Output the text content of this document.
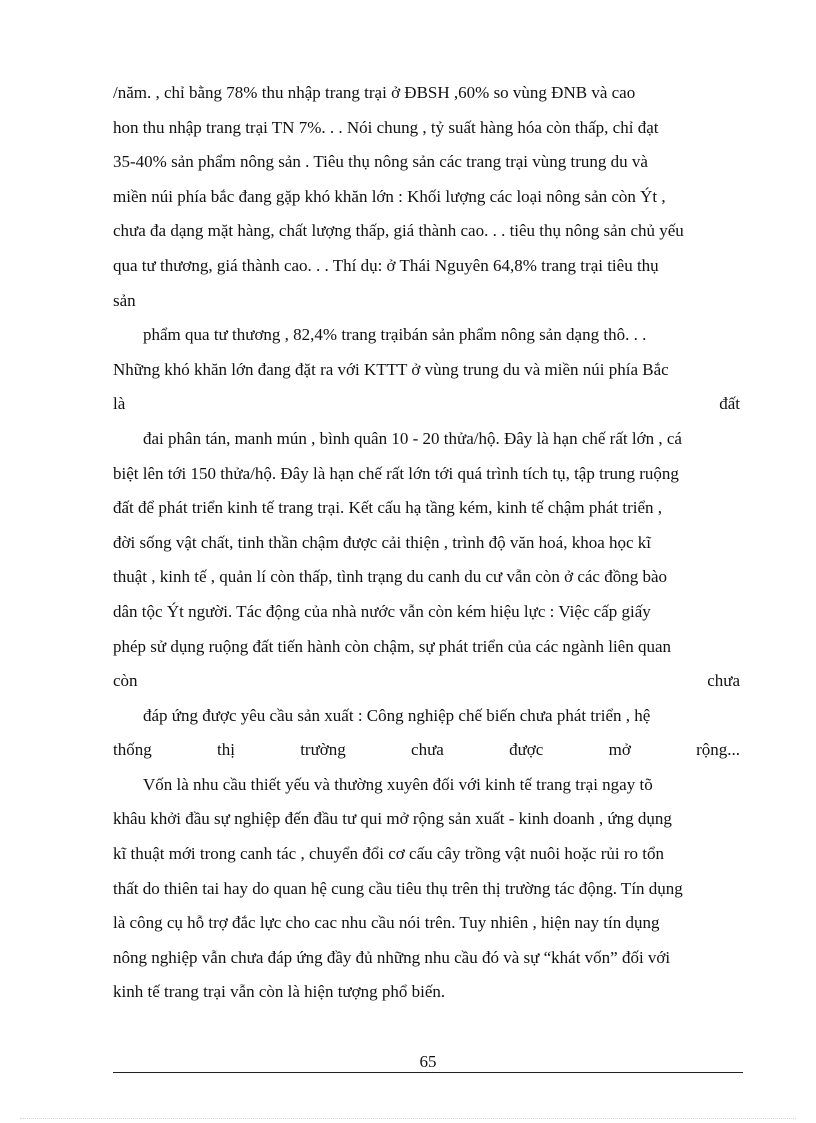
/năm. , chỉ bằng 78% thu nhập trang trại ở ĐBSH ,60% so vùng ĐNB và cao
hon thu nhập trang trại TN 7%. . . Nói chung , tỷ suất hàng hóa còn thấp, chỉ đạt
35-40% sản phẩm nông sản . Tiêu thụ nông sản các trang trại vùng trung du và
miền núi phía bắc đang gặp khó khăn lớn : Khối lượng các loại nông sản còn Ýt ,
chưa đa dạng mặt hàng, chất lượng thấp, giá thành cao. . . tiêu thụ nông sản chủ yếu
qua tư thương, giá thành cao. . . Thí dụ: ở Thái Nguyên 64,8% trang trại tiêu thụ
sản
phẩm qua tư thương , 82,4% trang trạibán sản phẩm nông sản dạng thô. . .
Những khó khăn lớn đang đặt ra với KTTT ở vùng trung du và miền núi phía Bắc
là	đất
đai phân tán, manh mún , bình quân 10 - 20 thửa/hộ. Đây là hạn chế rất lớn , cá
biệt lên tới 150 thửa/hộ. Đây là hạn chế rất lớn tới quá trình tích tụ, tập trung ruộng
đất để phát triển kinh tế trang trại. Kết cấu hạ tầng kém, kinh tế chậm phát triển ,
đời sống vật chất, tinh thần chậm được cải thiện , trình độ văn hoá, khoa học kĩ
thuật , kinh tế , quản lí còn thấp, tình trạng du canh du cư vẫn còn ở các đồng bào
dân tộc Ýt người. Tác động của nhà nước vẫn còn kém hiệu lực : Việc cấp giấy
phép sử dụng ruộng đất tiến hành còn chậm, sự phát triển của các ngành liên quan
còn	chưa
đáp ứng được yêu cầu sản xuất : Công nghiệp chế biến chưa phát triển , hệ
thống	thị	trường	chưa	được	mở	rộng...
Vốn là nhu cầu thiết yếu và thường xuyên đối với kinh tế trang trại ngay tõ
khâu khởi đầu sự nghiệp đến đầu tư qui mở rộng sản xuất - kinh doanh , ứng dụng
kĩ thuật mới trong canh tác , chuyển đổi cơ cấu cây trồng vật nuôi hoặc rủi ro tổn
thất do thiên tai hay do quan hệ cung cầu tiêu thụ trên thị trường tác động. Tín dụng
là công cụ hỗ trợ đắc lực cho cac nhu cầu nói trên. Tuy nhiên , hiện nay tín dụng
nông nghiệp vẫn chưa đáp ứng đầy đủ những nhu cầu đó và sự “khát vốn” đối với
kinh tế trang trại vẫn còn là hiện tượng phổ biến.
65
